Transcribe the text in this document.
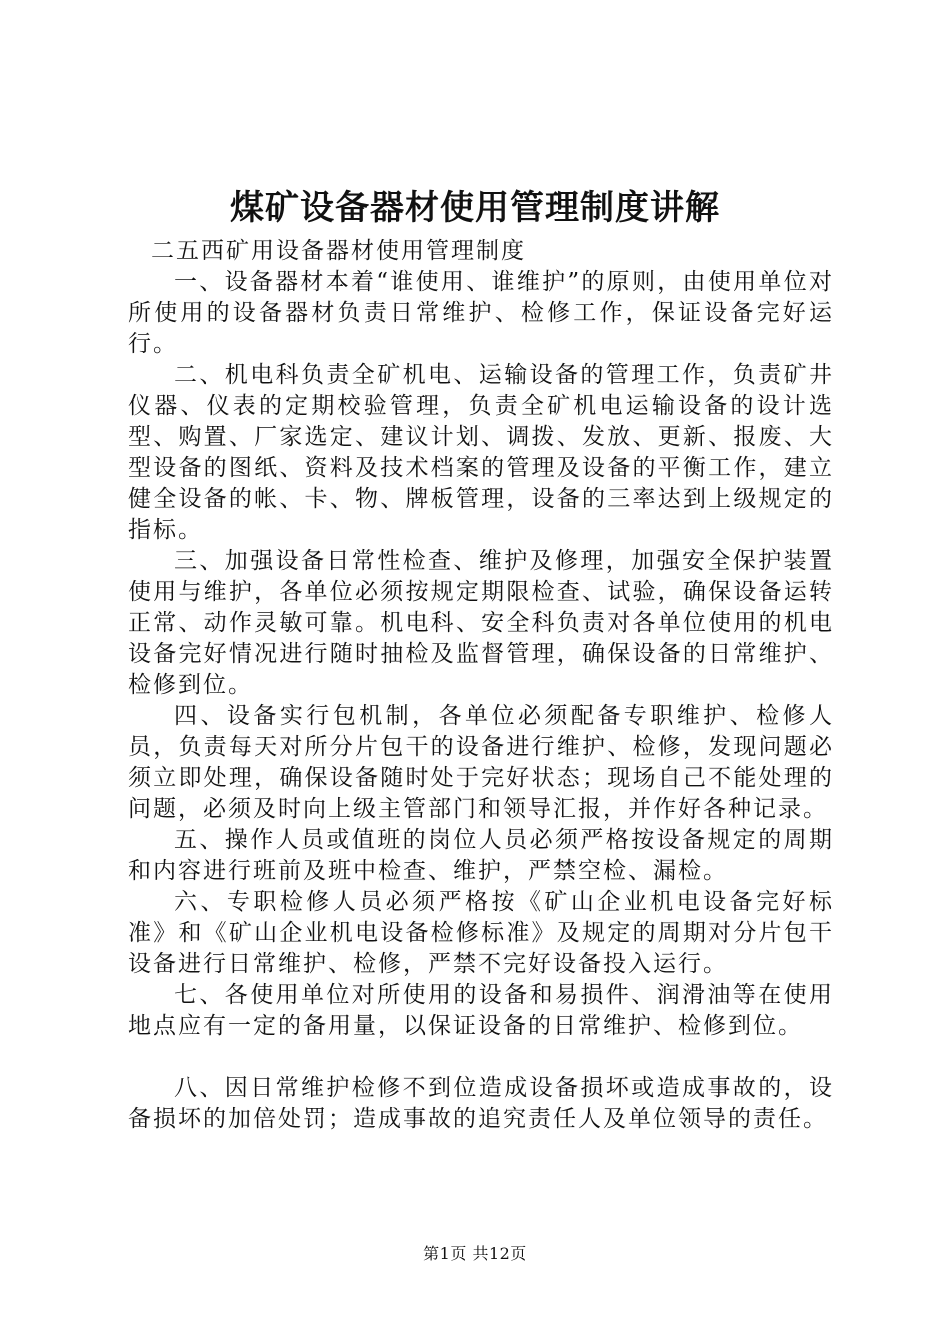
煤矿设备器材使用管理制度讲解

二五西矿用设备器材使用管理制度

一、设备器材本着“谁使用、谁维护”的原则，由使用单位对所使用的设备器材负责日常维护、检修工作，保证设备完好运行。

二、机电科负责全矿机电、运输设备的管理工作，负责矿井仪器、仪表的定期校验管理，负责全矿机电运输设备的设计选型、购置、厂家选定、建议计划、调拨、发放、更新、报废、大型设备的图纸、资料及技术档案的管理及设备的平衡工作，建立健全设备的帐、卡、物、牌板管理，设备的三率达到上级规定的指标。

三、加强设备日常性检查、维护及修理，加强安全保护装置使用与维护，各单位必须按规定期限检查、试验，确保设备运转正常、动作灵敏可靠。机电科、安全科负责对各单位使用的机电设备完好情况进行随时抽检及监督管理，确保设备的日常维护、检修到位。

四、设备实行包机制，各单位必须配备专职维护、检修人员，负责每天对所分片包干的设备进行维护、检修，发现问题必须立即处理，确保设备随时处于完好状态；现场自己不能处理的问题，必须及时向上级主管部门和领导汇报，并作好各种记录。

五、操作人员或值班的岗位人员必须严格按设备规定的周期和内容进行班前及班中检查、维护，严禁空检、漏检。

六、专职检修人员必须严格按《矿山企业机电设备完好标准》和《矿山企业机电设备检修标准》及规定的周期对分片包干设备进行日常维护、检修，严禁不完好设备投入运行。

七、各使用单位对所使用的设备和易损件、润滑油等在使用地点应有一定的备用量，以保证设备的日常维护、检修到位。

八、因日常维护检修不到位造成设备损坏或造成事故的，设备损坏的加倍处罚；造成事故的追究责任人及单位领导的责任。

第1页 共12页
